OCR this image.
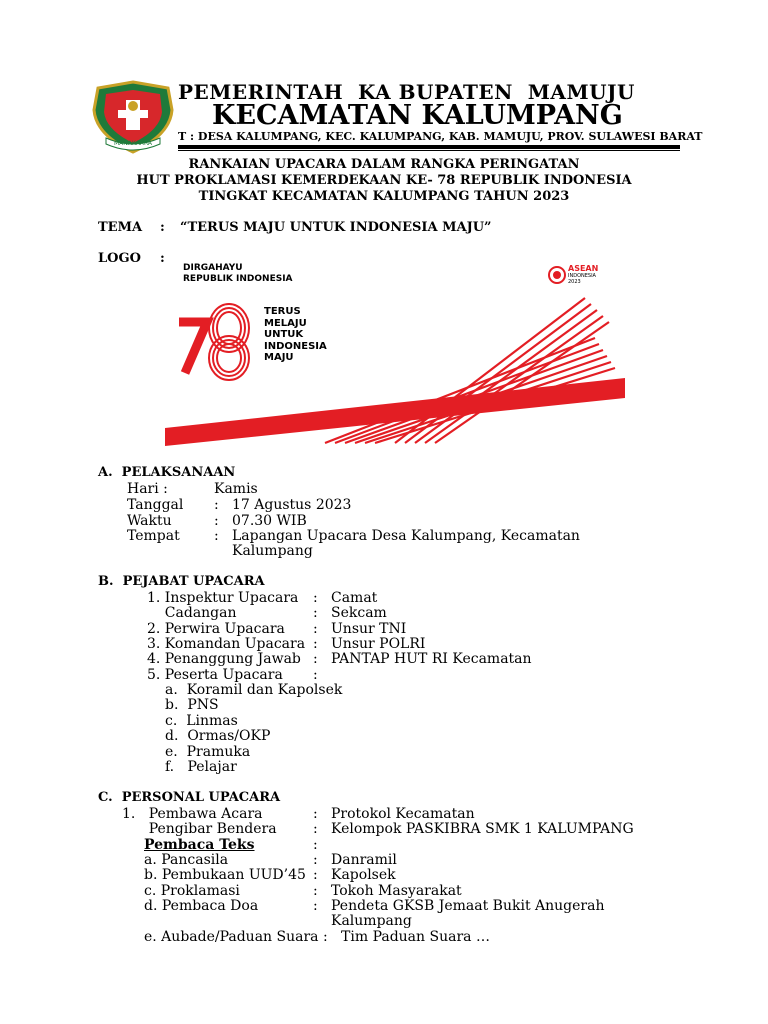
MANAKARRA
PEMERINTAH  KA BUPATEN  MAMUJU
KECAMATAN KALUMPANG
T : DESA KALUMPANG, KEC. KALUMPANG, KAB. MAMUJU, PROV. SULAWESI BARAT
RANKAIAN UPACARA DALAM RANGKA PERINGATAN
HUT PROKLAMASI KEMERDEKAAN KE- 78 REPUBLIK INDONESIA
TINGKAT KECAMATAN KALUMPANG TAHUN 2023
TEMA : “TERUS MAJU UNTUK INDONESIA MAJU”
LOGO :
DIRGAHAYU
REPUBLIK INDONESIA
TERUS
MELAJU
UNTUK
INDONESIA
MAJU
ASEAN
INDONESIA
2023
A.  PELAKSANAAN
Hari :	Kamis
Tanggal : 17 Agustus 2023
Waktu	: 07.30 WIB
Tempat : Lapangan Upacara Desa Kalumpang, Kecamatan
Kalumpang
B.  PEJABAT UPACARA
1. Inspektur Upacara : Camat
Cadangan	: Sekcam
2. Perwira Upacara : Unsur TNI
3. Komandan Upacara : Unsur POLRI
4. Penanggung Jawab : PANTAP HUT RI Kecamatan
5. Peserta Upacara :
a.  Koramil dan Kapolsek
b.  PNS
c.  Linmas
d.  Ormas/OKP
e.  Pramuka
f.   Pelajar
C.  PERSONAL UPACARA
1.   Pembawa Acara	: Protokol Kecamatan
Pengibar Bendera	: Kelompok PASKIBRA SMK 1 KALUMPANG
Pembaca Teks	:
a. Pancasila	: Danramil
b. Pembukaan UUD’45 : Kapolsek
c. Proklamasi	: Tokoh Masyarakat
d. Pembaca Doa	: Pendeta GKSB Jemaat Bukit Anugerah
Kalumpang
e. Aubade/Paduan Suara :   Tim Paduan Suara …
